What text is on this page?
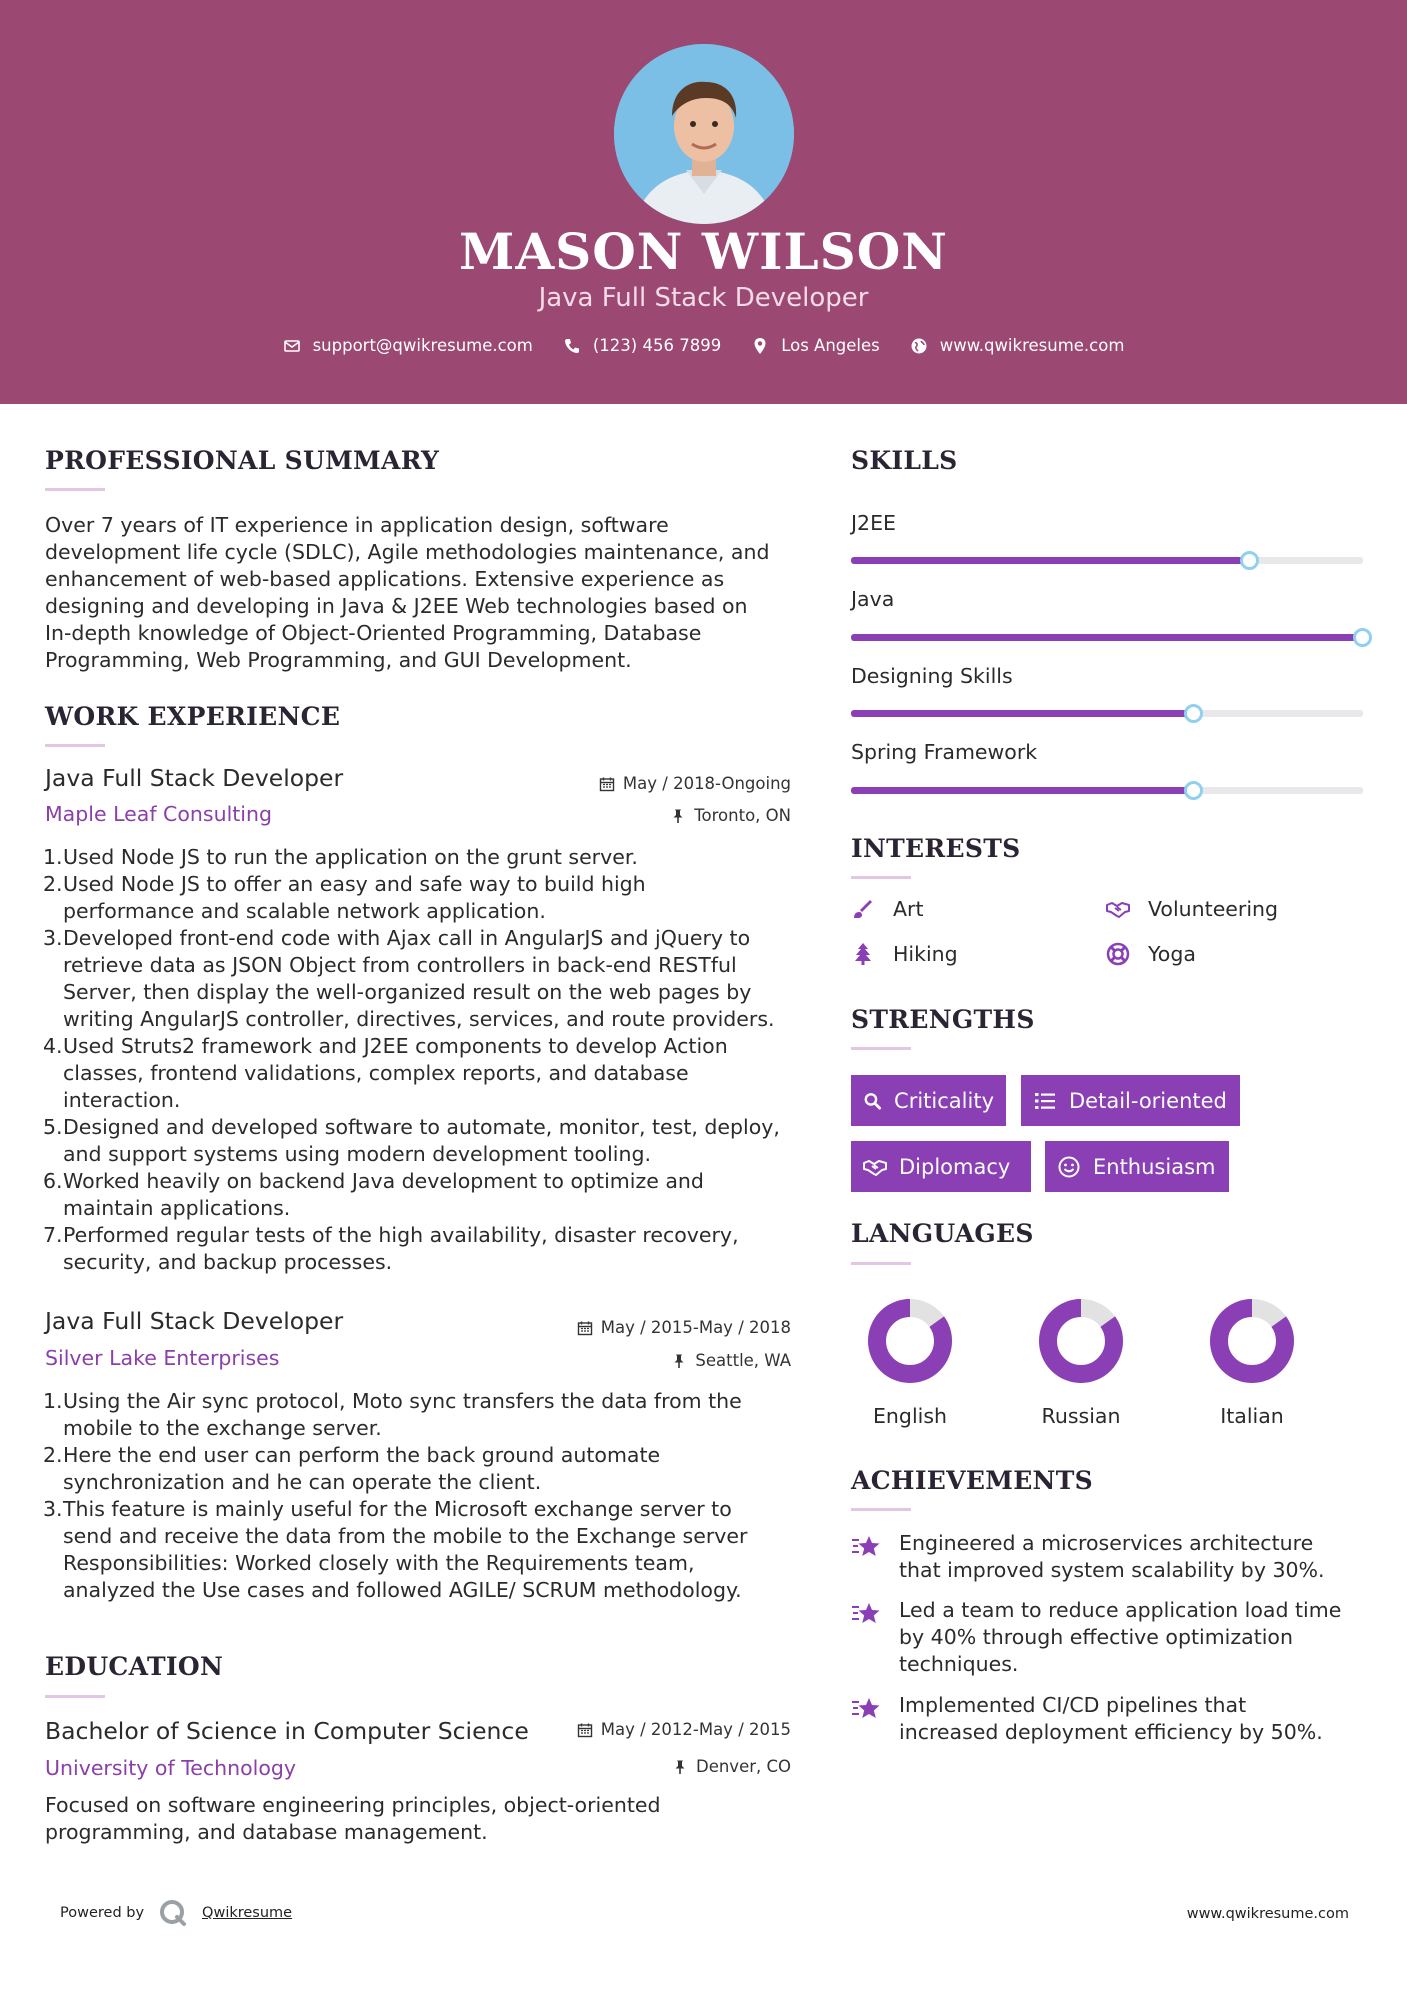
MASON WILSON
Java Full Stack Developer
support@qwikresume.com	(123) 456 7899	Los Angeles	www.qwikresume.com
PROFESSIONAL SUMMARY
Over 7 years of IT experience in application design, software
development life cycle (SDLC), Agile methodologies maintenance, and
enhancement of web-based applications. Extensive experience as
designing and developing in Java & J2EE Web technologies based on
In-depth knowledge of Object-Oriented Programming, Database
Programming, Web Programming, and GUI Development.
WORK EXPERIENCE
Java Full Stack Developer	May / 2018-Ongoing
Maple Leaf Consulting	Toronto, ON
1. Used Node JS to run the application on the grunt server.
2. Used Node JS to offer an easy and safe way to build high
performance and scalable network application.
3. Developed front-end code with Ajax call in AngularJS and jQuery to
retrieve data as JSON Object from controllers in back-end RESTful
Server, then display the well-organized result on the web pages by
writing AngularJS controller, directives, services, and route providers.
4. Used Struts2 framework and J2EE components to develop Action
classes, frontend validations, complex reports, and database
interaction.
5. Designed and developed software to automate, monitor, test, deploy,
and support systems using modern development tooling.
6. Worked heavily on backend Java development to optimize and
maintain applications.
7. Performed regular tests of the high availability, disaster recovery,
security, and backup processes.
Java Full Stack Developer	May / 2015-May / 2018
Silver Lake Enterprises	Seattle, WA
1. Using the Air sync protocol, Moto sync transfers the data from the
mobile to the exchange server.
2. Here the end user can perform the back ground automate
synchronization and he can operate the client.
3. This feature is mainly useful for the Microsoft exchange server to
send and receive the data from the mobile to the Exchange server
Responsibilities: Worked closely with the Requirements team,
analyzed the Use cases and followed AGILE/ SCRUM methodology.
EDUCATION
Bachelor of Science in Computer Science	May / 2012-May / 2015
University of Technology	Denver, CO
Focused on software engineering principles, object-oriented
programming, and database management.
SKILLS
J2EE
Java
Designing Skills
Spring Framework
INTERESTS
Art	Volunteering
Hiking	Yoga
STRENGTHS
Criticality	Detail-oriented
Diplomacy	Enthusiasm
LANGUAGES
English	Russian	Italian
ACHIEVEMENTS
Engineered a microservices architecture
that improved system scalability by 30%.
Led a team to reduce application load time
by 40% through effective optimization
techniques.
Implemented CI/CD pipelines that
increased deployment efficiency by 50%.
Powered by	Qwikresume	www.qwikresume.com
